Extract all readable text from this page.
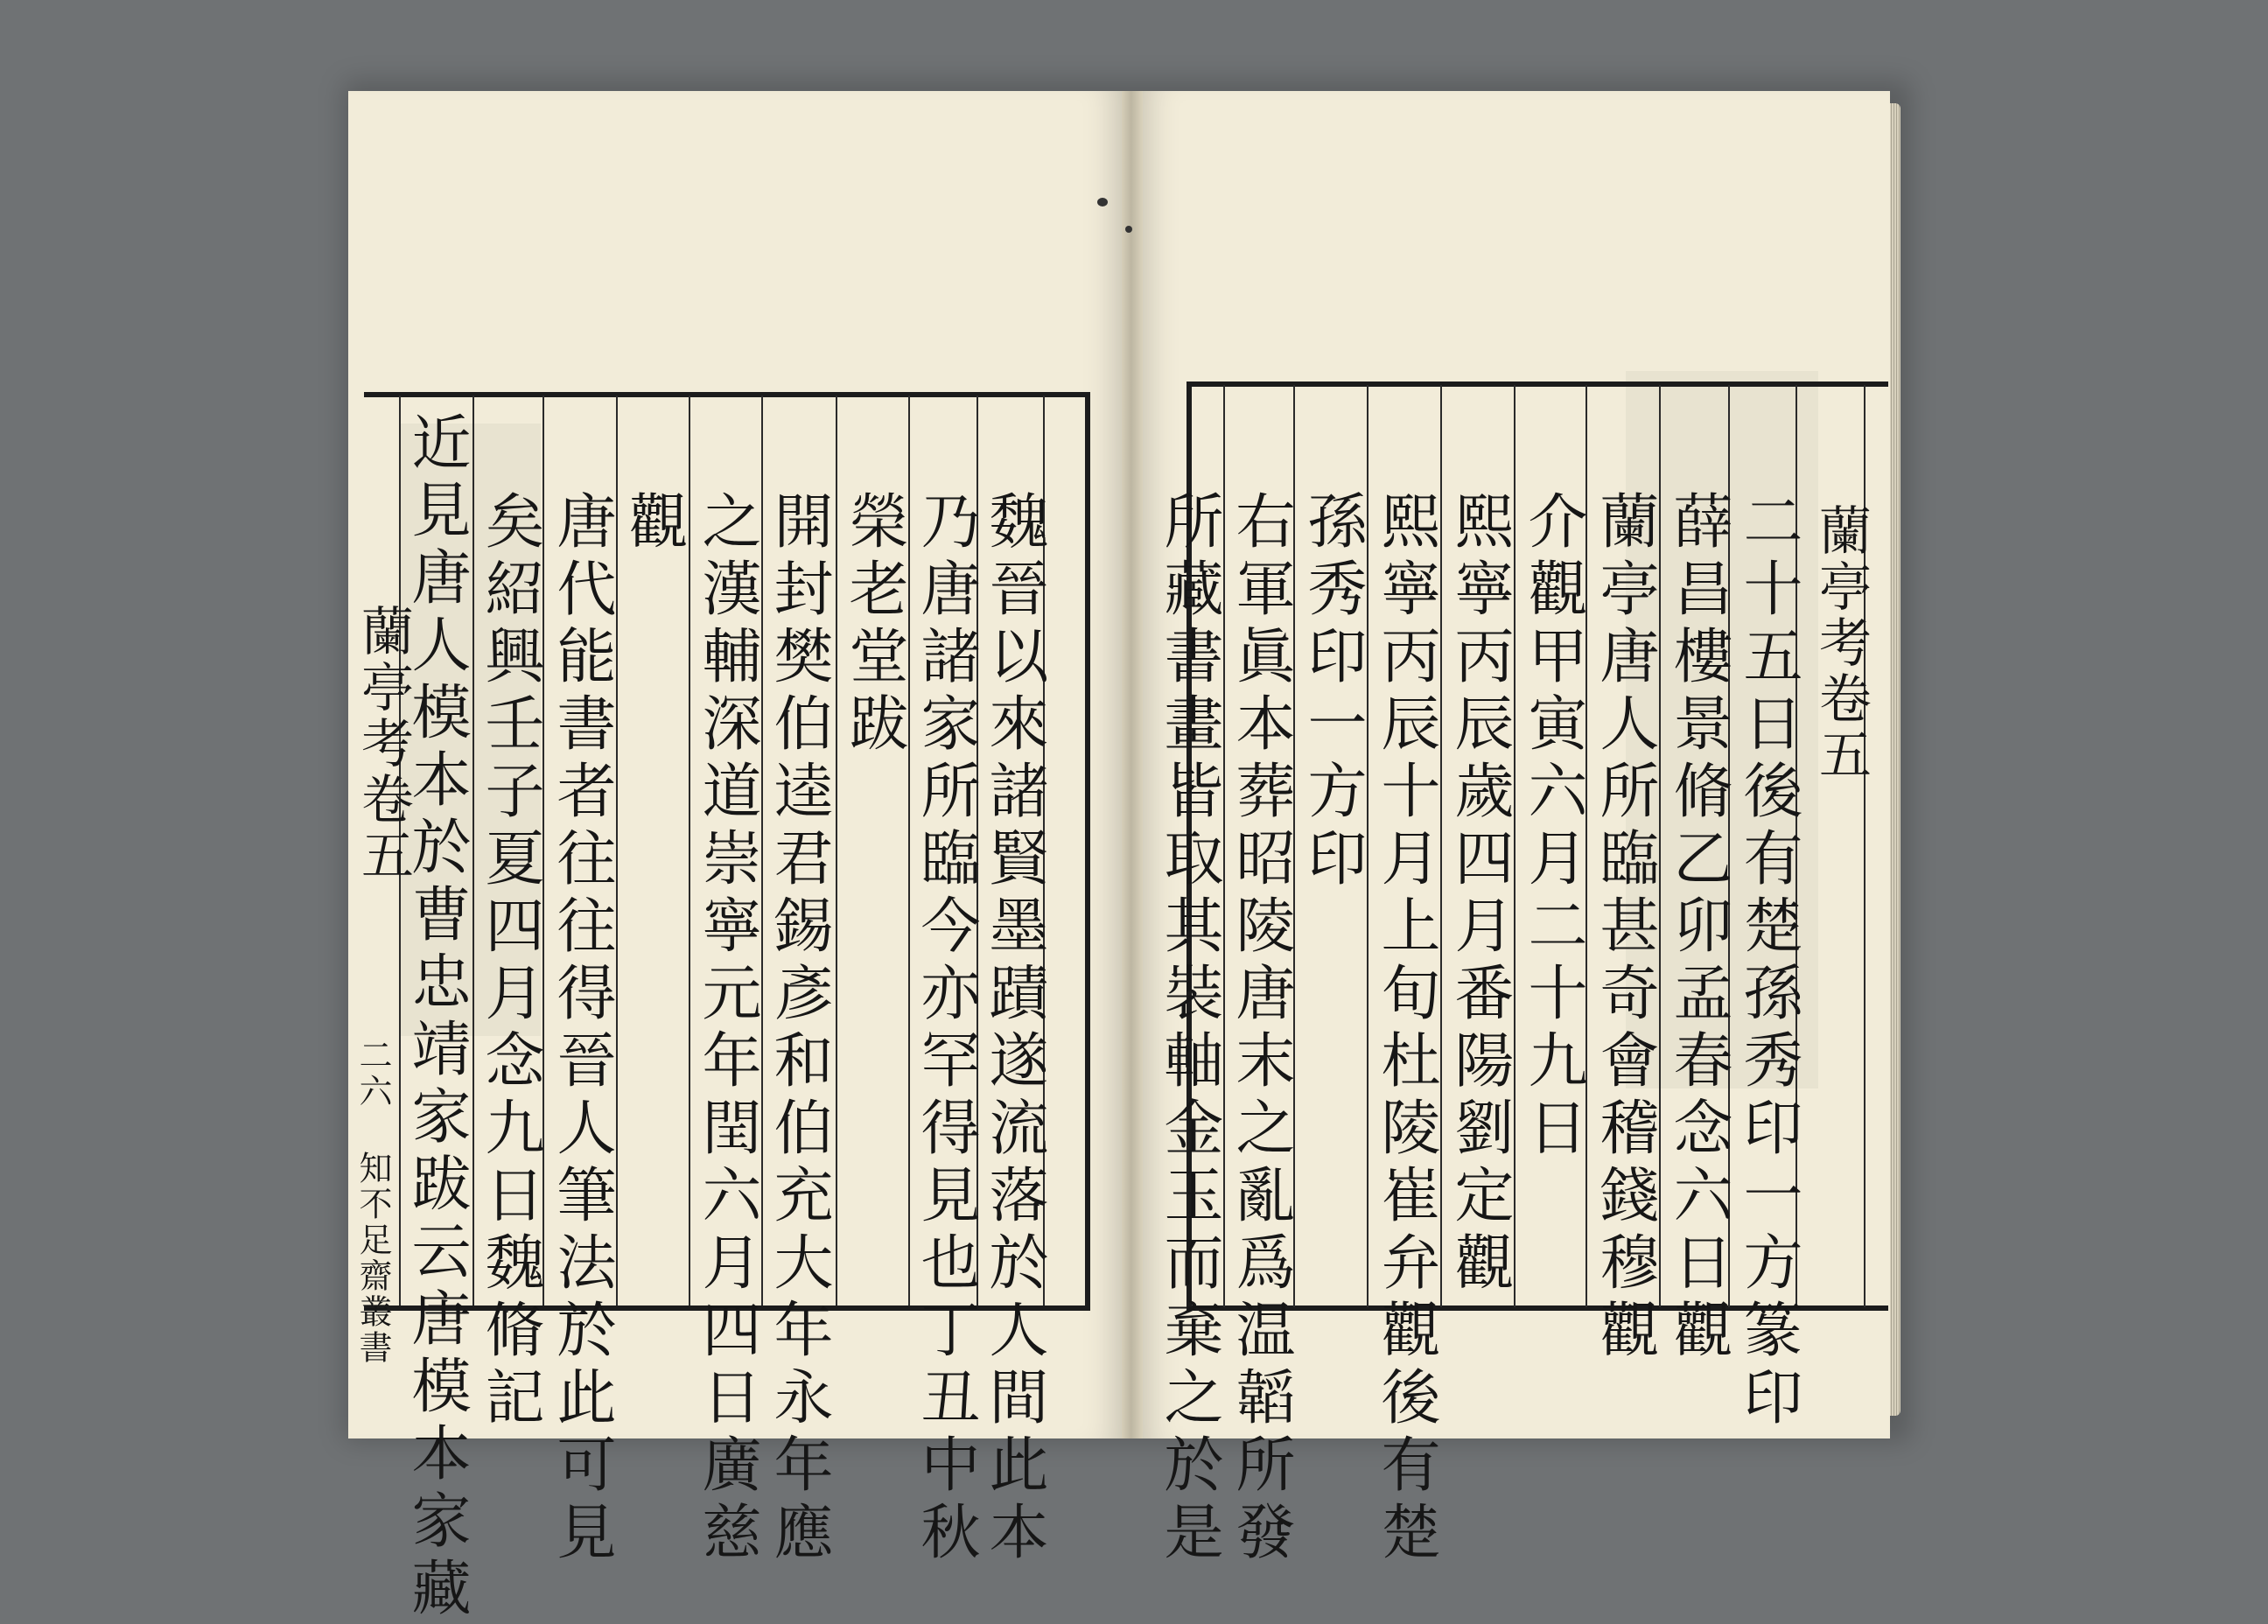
魏晉以來諸賢墨蹟遂流落於人間此本
乃唐諸家所臨今亦罕得見也丁丑中秋
榮老堂跋
開封樊伯逵君錫彥和伯充大年永年應
之漢輔深道崇寧元年閏六月四日廣慈
觀
唐代能書者往往得晉人筆法於此可見
矣紹興壬子夏四月念九日魏脩記
近見唐人模本於曹忠靖家跋云唐模本家藏
蘭亭考卷五
二六 知不足齋叢書
蘭亭考卷五
二十五日後有楚孫秀印一方篆印
薛昌樓景脩乙卯孟春念六日觀
蘭亭唐人所臨甚奇會稽錢穆觀
介觀甲寅六月二十九日
熙寧丙辰歲四月番陽劉定觀
熙寧丙辰十月上旬杜陵崔弁觀後有楚
孫秀印一方印
右軍眞本葬昭陵唐末之亂爲温韜所發
所藏書畫皆取其裝軸金玉而棄之於是
